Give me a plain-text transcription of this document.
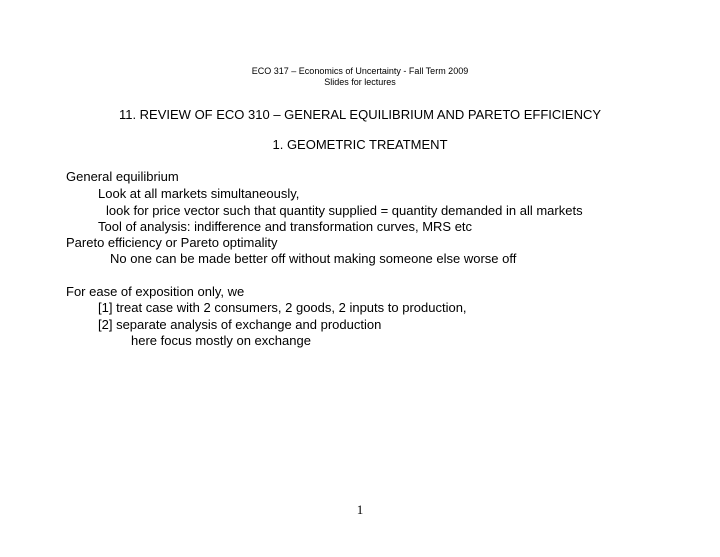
ECO 317 – Economics of Uncertainty - Fall Term 2009
Slides for lectures
11. REVIEW OF ECO 310 – GENERAL EQUILIBRIUM AND PARETO EFFICIENCY
1. GEOMETRIC TREATMENT
General equilibrium
Look at all markets simultaneously,
look for price vector such that quantity supplied = quantity demanded in all markets
Tool of analysis: indifference and transformation curves, MRS etc
Pareto efficiency or Pareto optimality
No one can be made better off without making someone else worse off
For ease of exposition only, we
[1] treat case with 2 consumers, 2 goods, 2 inputs to production,
[2] separate analysis of exchange and production
here focus mostly on exchange
1
